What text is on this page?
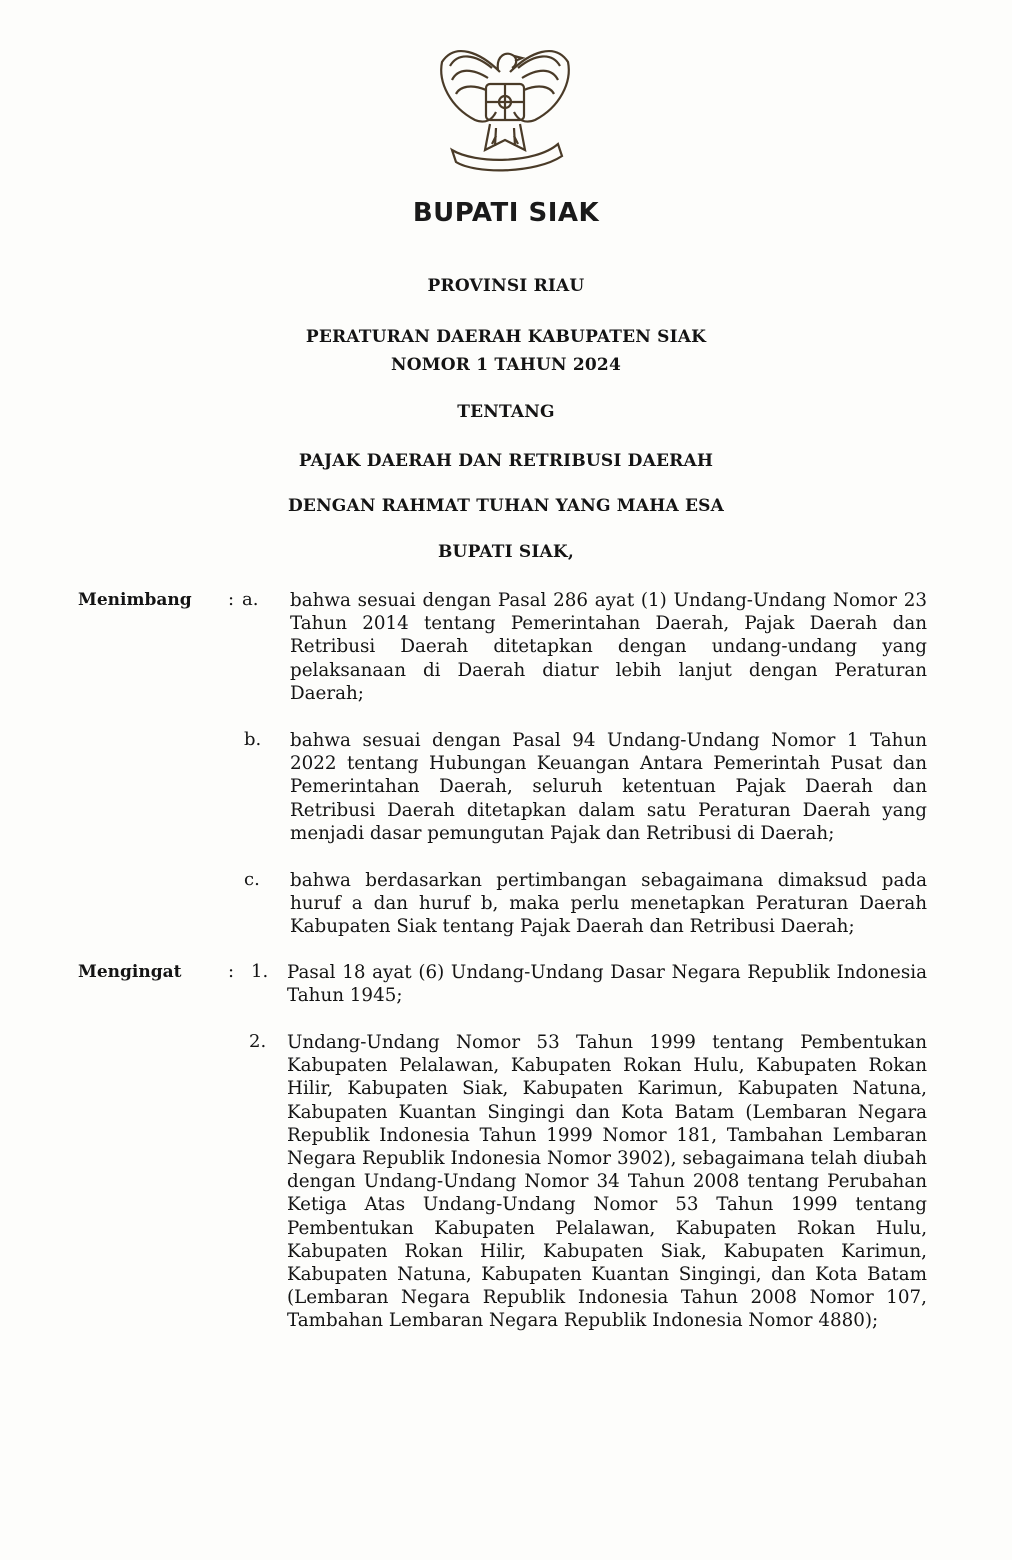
BUPATI SIAK
PROVINSI RIAU
PERATURAN DAERAH KABUPATEN SIAK
NOMOR 1 TAHUN 2024
TENTANG
PAJAK DAERAH DAN RETRIBUSI DAERAH
DENGAN RAHMAT TUHAN YANG MAHA ESA
BUPATI SIAK,
Menimbang : a. bahwa sesuai dengan Pasal 286 ayat (1) Undang-Undang Nomor 23 Tahun 2014 tentang Pemerintahan Daerah, Pajak Daerah dan Retribusi Daerah ditetapkan dengan undang-undang yang pelaksanaan di Daerah diatur lebih lanjut dengan Peraturan Daerah;

b. bahwa sesuai dengan Pasal 94 Undang-Undang Nomor 1 Tahun 2022 tentang Hubungan Keuangan Antara Pemerintah Pusat dan Pemerintahan Daerah, seluruh ketentuan Pajak Daerah dan Retribusi Daerah ditetapkan dalam satu Peraturan Daerah yang menjadi dasar pemungutan Pajak dan Retribusi di Daerah;

c. bahwa berdasarkan pertimbangan sebagaimana dimaksud pada huruf a dan huruf b, maka perlu menetapkan Peraturan Daerah Kabupaten Siak tentang Pajak Daerah dan Retribusi Daerah;

Mengingat	: 1. Pasal 18 ayat (6) Undang-Undang Dasar Negara Republik Indonesia Tahun 1945;

2. Undang-Undang Nomor 53 Tahun 1999 tentang Pembentukan Kabupaten Pelalawan, Kabupaten Rokan Hulu, Kabupaten Rokan Hilir, Kabupaten Siak, Kabupaten Karimun, Kabupaten Natuna, Kabupaten Kuantan Singingi dan Kota Batam (Lembaran Negara Republik Indonesia Tahun 1999 Nomor 181, Tambahan Lembaran Negara Republik Indonesia Nomor 3902), sebagaimana telah diubah dengan Undang-Undang Nomor 34 Tahun 2008 tentang Perubahan Ketiga Atas Undang-Undang Nomor 53 Tahun 1999 tentang Pembentukan Kabupaten Pelalawan, Kabupaten Rokan Hulu, Kabupaten Rokan Hilir, Kabupaten Siak, Kabupaten Karimun, Kabupaten Natuna, Kabupaten Kuantan Singingi, dan Kota Batam (Lembaran Negara Republik Indonesia Tahun 2008 Nomor 107, Tambahan Lembaran Negara Republik Indonesia Nomor 4880);
